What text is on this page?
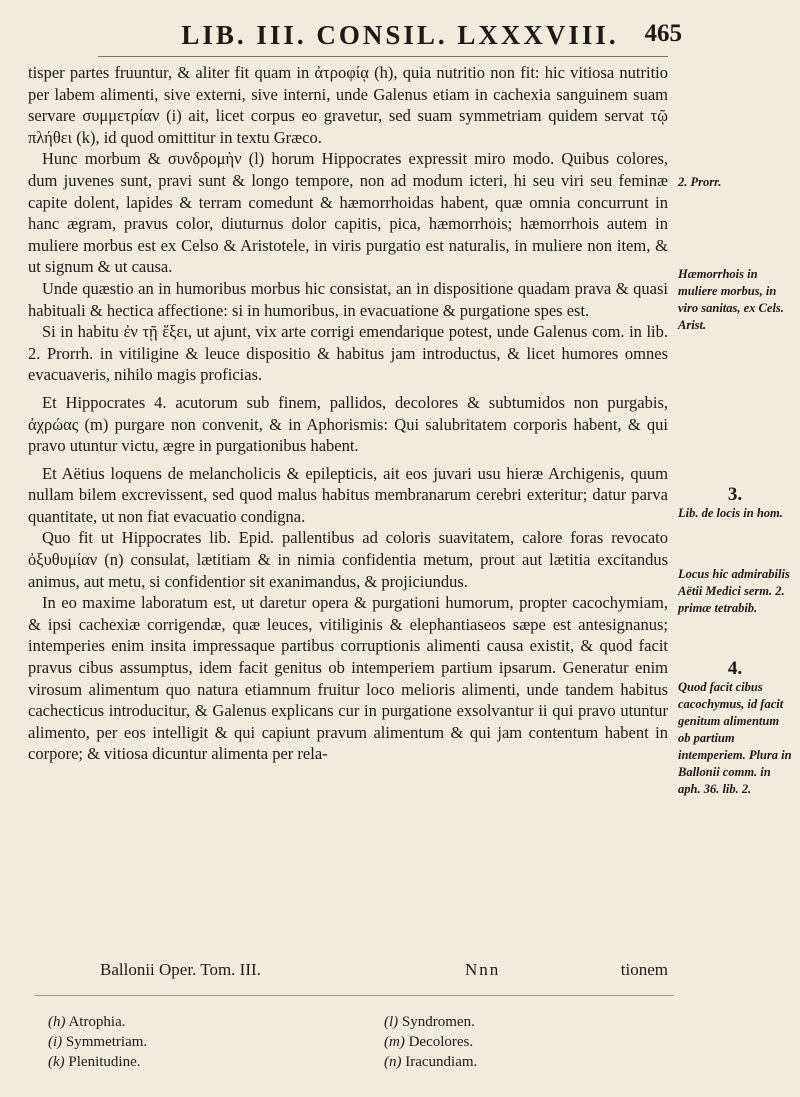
LIB. III. CONSIL. LXXXVIII.	465

tisper partes fruuntur, & aliter fit quam in ἀτροφίᾳ (h), quia nutritio non fit: hic vitiosa nutritio per labem alimenti, sive externi, sive interni, unde Galenus etiam in cachexia sanguinem suam servare συμμετρίαν (i) ait, licet corpus eo gravetur, sed suam symmetriam quidem servat τῷ πλήθει (k), id quod omittitur in textu Græco.

Hunc morbum & συνδρομὴν (l) horum Hippocrates expressit miro modo. Quibus colores, dum juvenes sunt, pravi sunt & longo tempore, non ad modum icteri, hi seu viri seu feminæ capite dolent, lapides & terram comedunt & hæmorrhoidas habent, quæ omnia concurrunt in hanc ægram, pravus color, diuturnus dolor capitis, pica, hæmorrhois; hæmorrhois autem in muliere morbus est ex Celso & Aristotele, in viris purgatio est naturalis, in muliere non item, & ut signum & ut causa.

Unde quæstio an in humoribus morbus hic consistat, an in dispositione quadam prava & quasi habituali & hectica affectione: si in humoribus, in evacuatione & purgatione spes est.

Si in habitu ἐν τῇ ἕξει, ut ajunt, vix arte corrigi emendarique potest, unde Galenus com. in lib. 2. Prorrh. in vitiligine & leuce dispositio & habitus jam introductus, & licet humores omnes evacuaveris, nihilo magis proficias.

Et Hippocrates 4. acutorum sub finem, pallidos, decolores & subtumidos non purgabis, ἀχρώας (m) purgare non convenit, & in Aphorismis: Qui salubritatem corporis habent, & qui pravo utuntur victu, ægre in purgationibus habent.

Et Aëtius loquens de melancholicis & epilepticis, ait eos juvari usu hieræ Archigenis, quum nullam bilem excrevissent, sed quod malus habitus membranarum cerebri exteritur; datur parva quantitate, ut non fiat evacuatio condigna.

Quo fit ut Hippocrates lib. Epid. pallentibus ad coloris suavitatem, calore foras revocato ὀξυθυμίαν (n) consulat, lætitiam & in nimia confidentia metum, prout aut lætitia excitandus animus, aut metu, si confidentior sit exanimandus, & projiciundus.

In eo maxime laboratum est, ut daretur opera & purgationi humorum, propter cacochymiam, & ipsi cachexiæ corrigendæ, quæ leuces, vitiliginis & elephantiaseos sæpe est antesignanus; intemperies enim insita impressaque partibus corruptionis alimenti causa existit, & quod facit pravus cibus assumptus, idem facit genitus ob intemperiem partium ipsarum. Generatur enim virosum alimentum quo natura etiamnum fruitur loco melioris alimenti, unde tandem habitus cachecticus introducitur, & Galenus explicans cur in purgatione exsolvantur ii qui pravo utuntur alimento, per eos intelligit & qui capiunt pravum alimentum & qui jam contentum habent in corpore; & vitiosa dicuntur alimenta per rela-

2. Prorr.
Hæmorrhois in muliere morbus, in viro sanitas, ex Cels. Arist.
3.
Lib. de locis in hom.
Locus hic admirabilis Aëtii Medici serm. 2. primæ tetrabib.
4.
Quod facit cibus cacochymus, id facit genitum alimentum ob partium intemperiem. Plura in Ballonii comm. in aph. 36. lib. 2.
Ballonii Oper. Tom. III.	Nnn	tionem
(h) Atrophia.
(i) Symmetriam.
(k) Plenitudine.
(l) Syndromen.
(m) Decolores.
(n) Iracundiam.
